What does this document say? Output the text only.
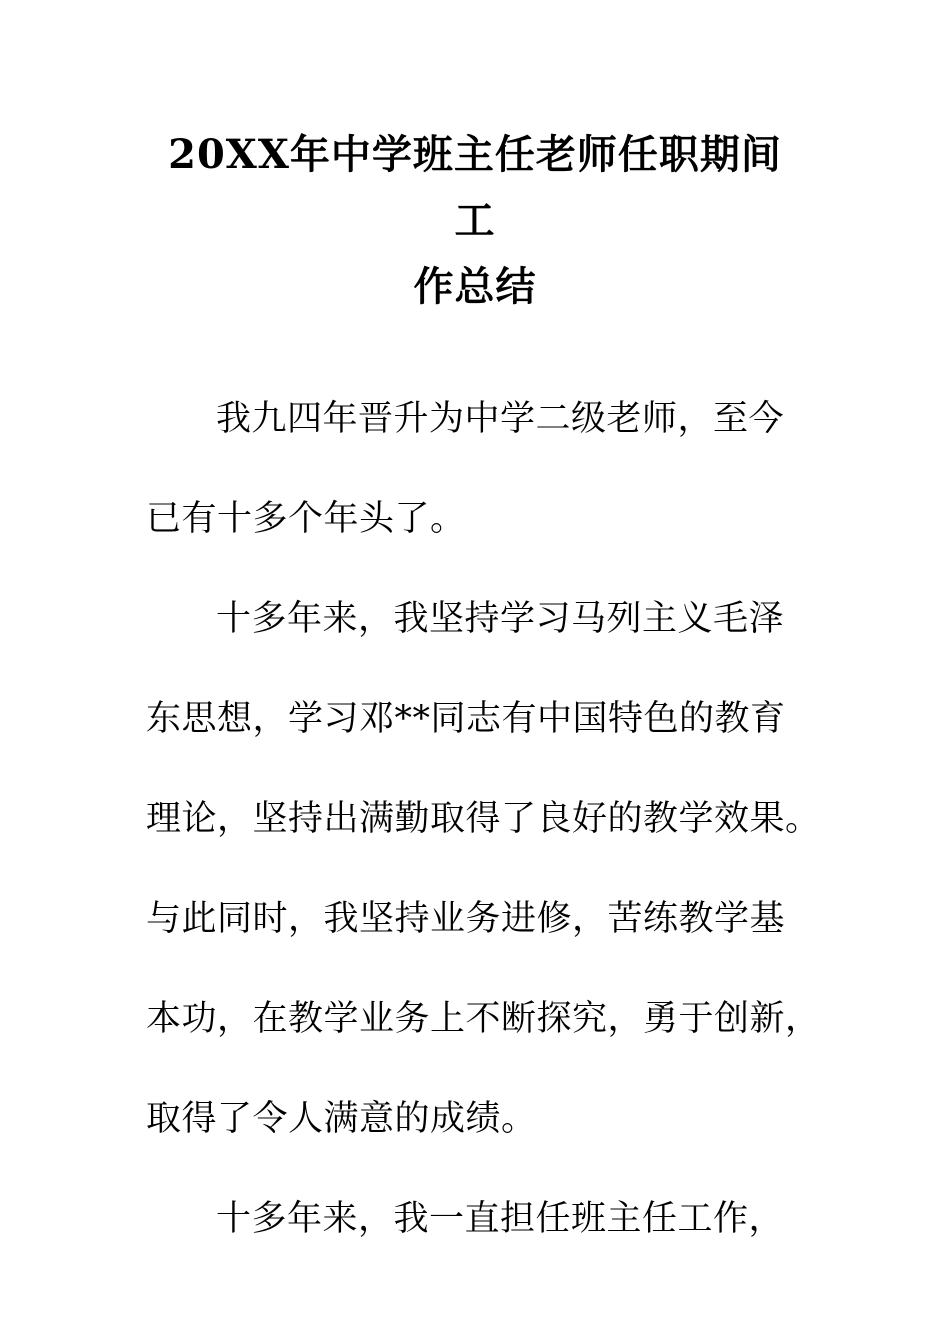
20XX年中学班主任老师任职期间工
作总结
我九四年晋升为中学二级老师，至今
已有十多个年头了。
十多年来，我坚持学习马列主义毛泽
东思想，学习邓**同志有中国特色的教育
理论，坚持出满勤取得了良好的教学效果。
与此同时，我坚持业务进修，苦练教学基
本功，在教学业务上不断探究，勇于创新，
取得了令人满意的成绩。
十多年来，我一直担任班主任工作，
